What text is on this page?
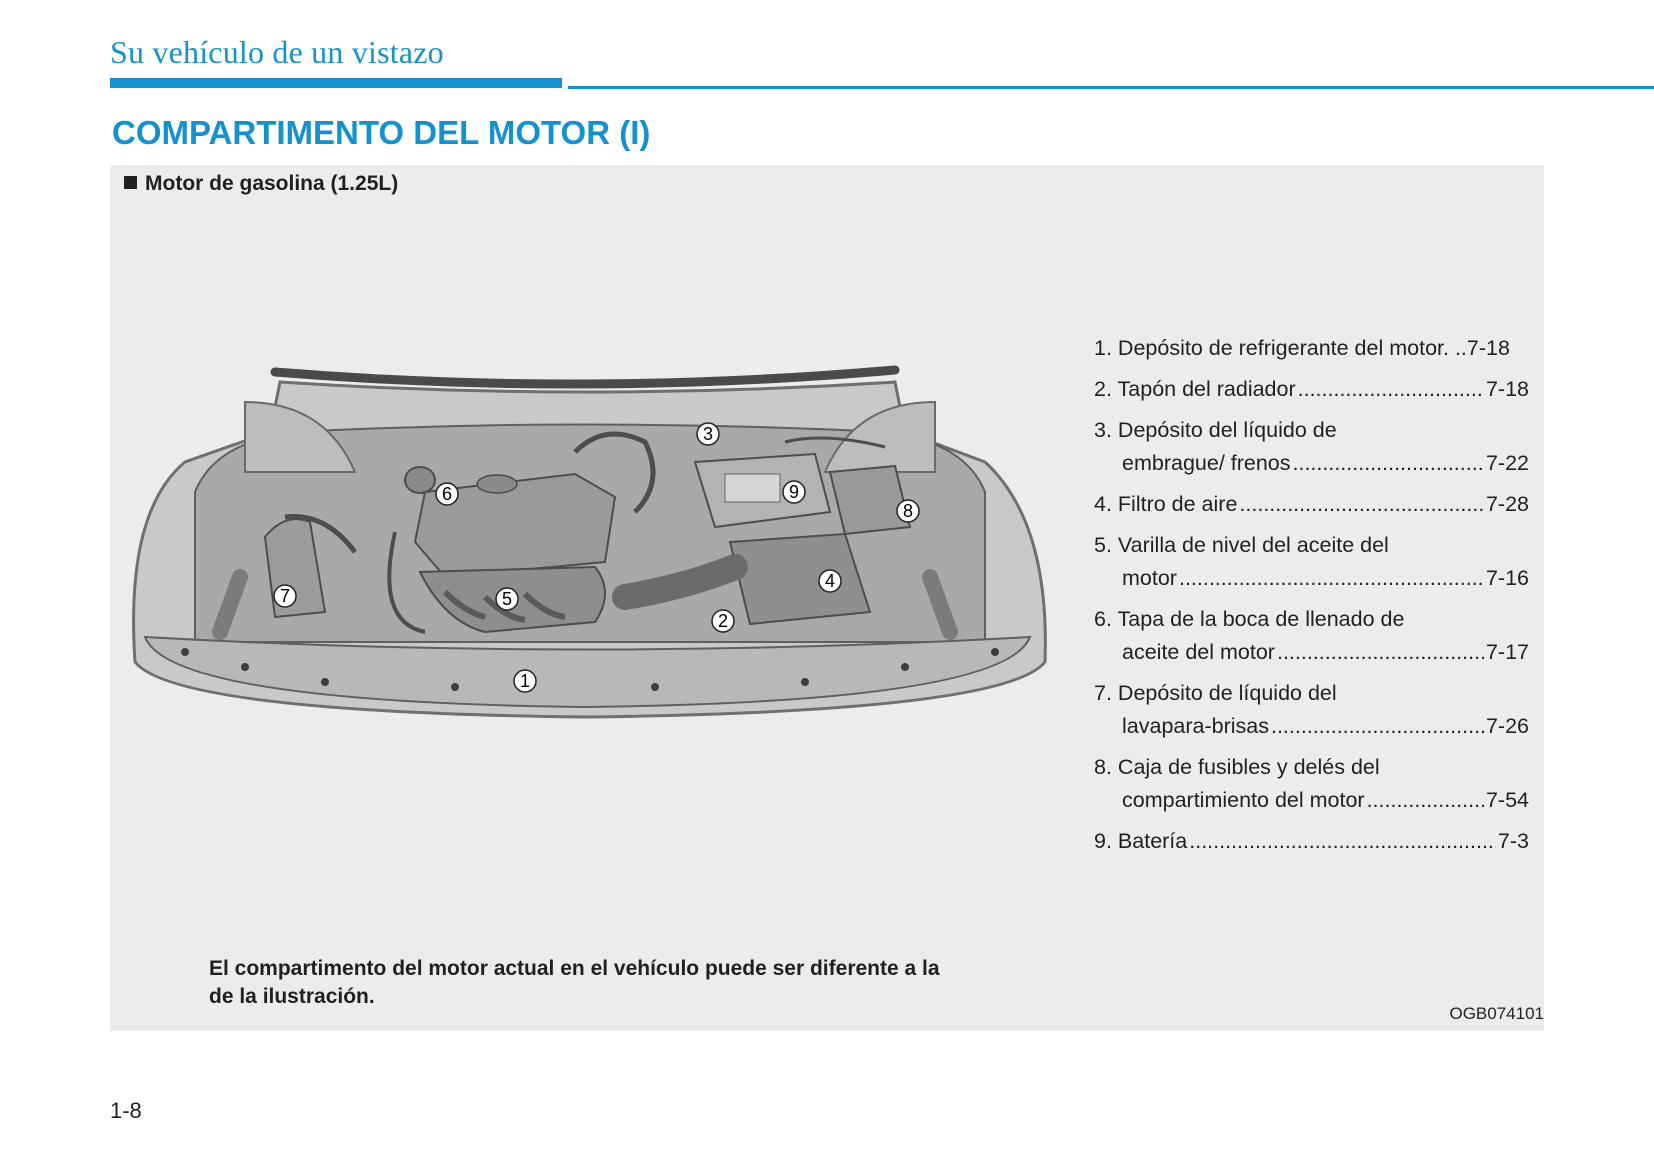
Su vehículo de un vistazo
COMPARTIMENTO DEL MOTOR (I)
Motor de gasolina (1.25L)
1
2
3
4
5
6
7
8
9
1. Depósito de refrigerante del motor. .. 7-18
2. Tapón del radiador .....	7-18
3. Depósito del líquido de
embrague/ frenos .....	7-22
4. Filtro de aire .....	7-28
5. Varilla de nivel del aceite del
motor .....	7-16
6. Tapa de la boca de llenado de
aceite del motor .....	7-17
7. Depósito de líquido del
lavapara-brisas .....	7-26
8. Caja de fusibles y delés del
compartimiento del motor .....	7-54
9. Batería .....	7-3
El compartimento del motor actual en el vehículo puede ser diferente a la de la ilustración.
OGB074101
1-8
